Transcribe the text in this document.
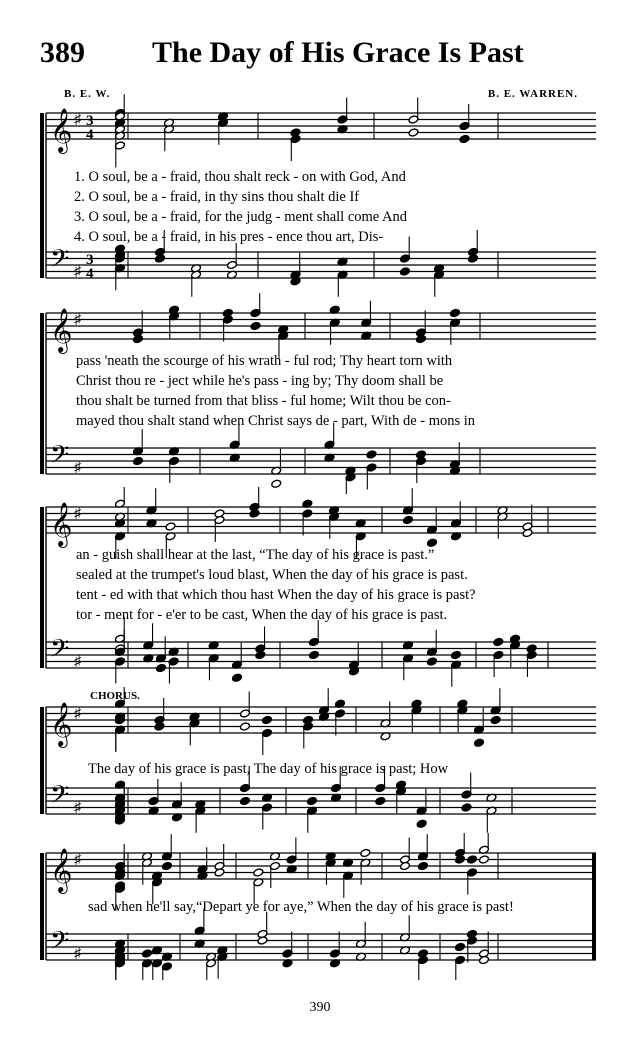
389 The Day of His Grace Is Past
B. E. W.	B. E. WARREN.
𝄞
𝄢
♯
♯
3
4
3
4
1. O soul, be a - fraid, thou shalt reck - on with God, And
2. O soul, be a - fraid, in thy sins thou shalt die If
3. O soul, be a - fraid, for the judg - ment shall come And
4. O soul, be a - fraid, in his pres - ence thou art, Dis-
𝄞
𝄢
♯
♯
pass 'neath the scourge of his wrath - ful rod; Thy heart torn with
Christ thou re - ject while he's pass - ing by; Thy doom shall be
thou shalt be turned from that bliss - ful home; Wilt thou be con-
mayed thou shalt stand when Christ says de - part, With de - mons in
𝄞
𝄢
♯
♯
an - guish shall hear at the last, “The day of his grace is past.”
sealed at the trumpet's loud blast, When the day of his grace is past.
tent - ed with that which thou hast When the day of his grace is past?
tor - ment for - e'er to be cast, When the day of his grace is past.
𝄞
𝄢
♯
♯
The day of his grace is past, The day of his grace is past; How
𝄞
𝄢
♯
♯
sad when he'll say,“Depart ye for aye,” When the day of his grace is past!
CHORUS.
390
